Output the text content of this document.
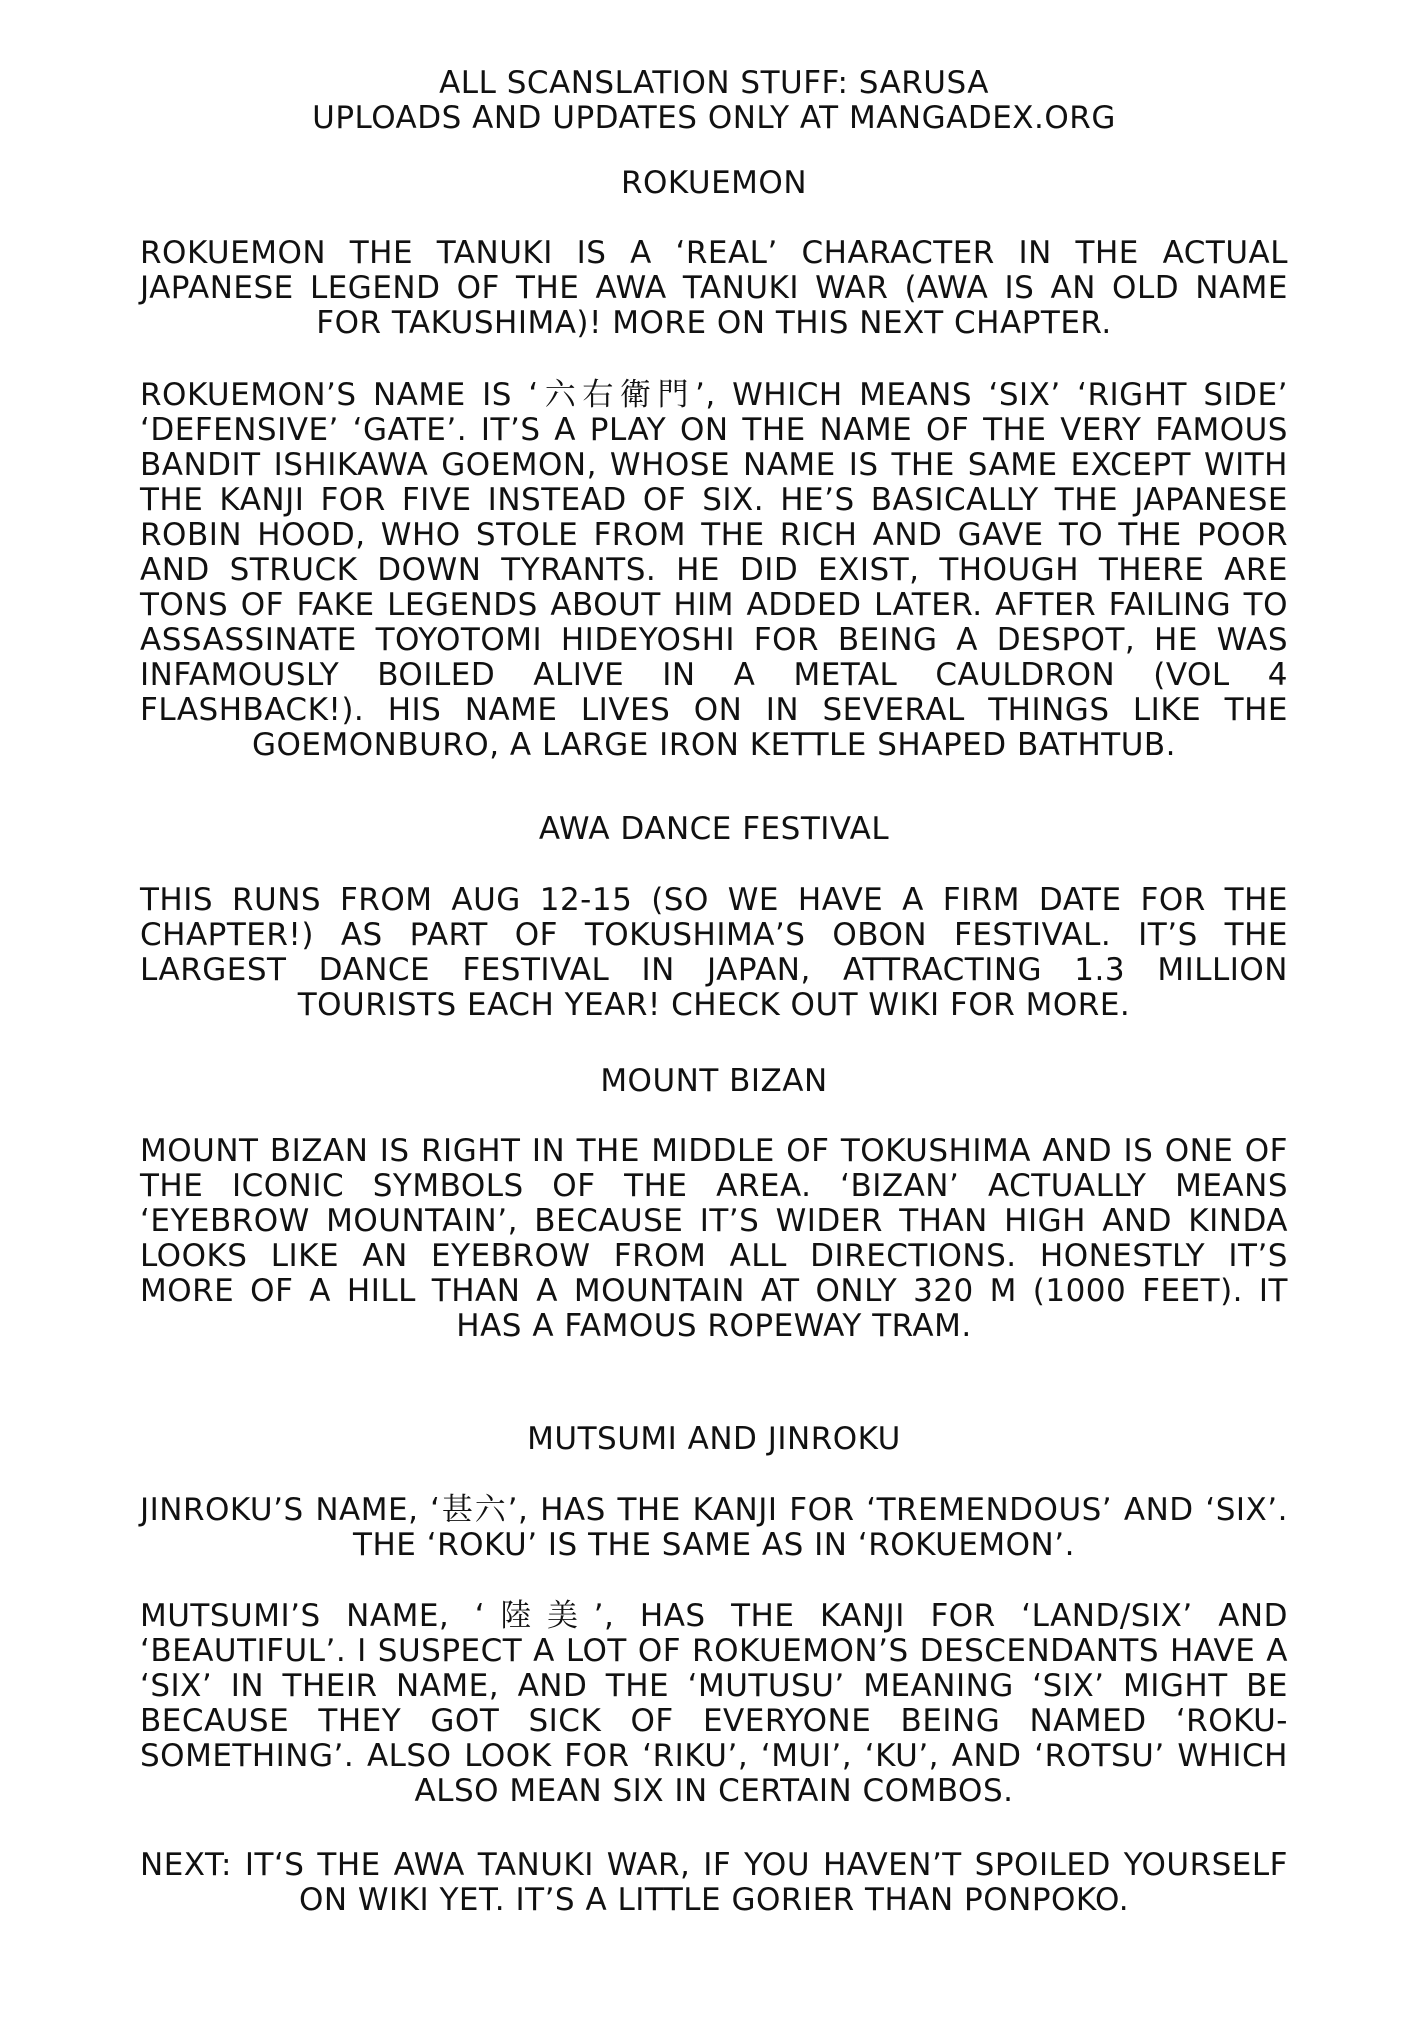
ALL SCANSLATION STUFF: SARUSA

UPLOADS AND UPDATES ONLY AT MANGADEX.ORG

ROKUEMON

ROKUEMON THE TANUKI IS A ‘REAL’ CHARACTER IN THE ACTUAL JAPANESE LEGEND OF THE AWA TANUKI WAR (AWA IS AN OLD NAME FOR TAKUSHIMA)! MORE ON THIS NEXT CHAPTER.

ROKUEMON’S NAME IS ‘六右衛門’, WHICH MEANS ‘SIX’ ‘RIGHT SIDE’ ‘DEFENSIVE’ ‘GATE’. IT’S A PLAY ON THE NAME OF THE VERY FAMOUS BANDIT ISHIKAWA GOEMON, WHOSE NAME IS THE SAME EXCEPT WITH THE KANJI FOR FIVE INSTEAD OF SIX. HE’S BASICALLY THE JAPANESE ROBIN HOOD, WHO STOLE FROM THE RICH AND GAVE TO THE POOR AND STRUCK DOWN TYRANTS. HE DID EXIST, THOUGH THERE ARE TONS OF FAKE LEGENDS ABOUT HIM ADDED LATER. AFTER FAILING TO ASSASSINATE TOYOTOMI HIDEYOSHI FOR BEING A DESPOT, HE WAS INFAMOUSLY BOILED ALIVE IN A METAL CAULDRON (VOL 4 FLASHBACK!). HIS NAME LIVES ON IN SEVERAL THINGS LIKE THE GOEMONBURO, A LARGE IRON KETTLE SHAPED BATHTUB.

AWA DANCE FESTIVAL

THIS RUNS FROM AUG 12-15 (SO WE HAVE A FIRM DATE FOR THE CHAPTER!) AS PART OF TOKUSHIMA’S OBON FESTIVAL. IT’S THE LARGEST DANCE FESTIVAL IN JAPAN, ATTRACTING 1.3 MILLION TOURISTS EACH YEAR! CHECK OUT WIKI FOR MORE.

MOUNT BIZAN

MOUNT BIZAN IS RIGHT IN THE MIDDLE OF TOKUSHIMA AND IS ONE OF THE ICONIC SYMBOLS OF THE AREA. ‘BIZAN’ ACTUALLY MEANS ‘EYEBROW MOUNTAIN’, BECAUSE IT’S WIDER THAN HIGH AND KINDA LOOKS LIKE AN EYEBROW FROM ALL DIRECTIONS. HONESTLY IT’S MORE OF A HILL THAN A MOUNTAIN AT ONLY 320 M (1000 FEET). IT HAS A FAMOUS ROPEWAY TRAM.

MUTSUMI AND JINROKU

JINROKU’S NAME, ‘甚六’, HAS THE KANJI FOR ‘TREMENDOUS’ AND ‘SIX’. THE ‘ROKU’ IS THE SAME AS IN ‘ROKUEMON’.

MUTSUMI’S NAME, ‘陸美’, HAS THE KANJI FOR ‘LAND/SIX’ AND ‘BEAUTIFUL’. I SUSPECT A LOT OF ROKUEMON’S DESCENDANTS HAVE A ‘SIX’ IN THEIR NAME, AND THE ‘MUTUSU’ MEANING ‘SIX’ MIGHT BE BECAUSE THEY GOT SICK OF EVERYONE BEING NAMED ‘ROKU-SOMETHING’. ALSO LOOK FOR ‘RIKU’, ‘MUI’, ‘KU’, AND ‘ROTSU’ WHICH ALSO MEAN SIX IN CERTAIN COMBOS.

NEXT: IT‘S THE AWA TANUKI WAR, IF YOU HAVEN’T SPOILED YOURSELF ON WIKI YET. IT’S A LITTLE GORIER THAN PONPOKO.
